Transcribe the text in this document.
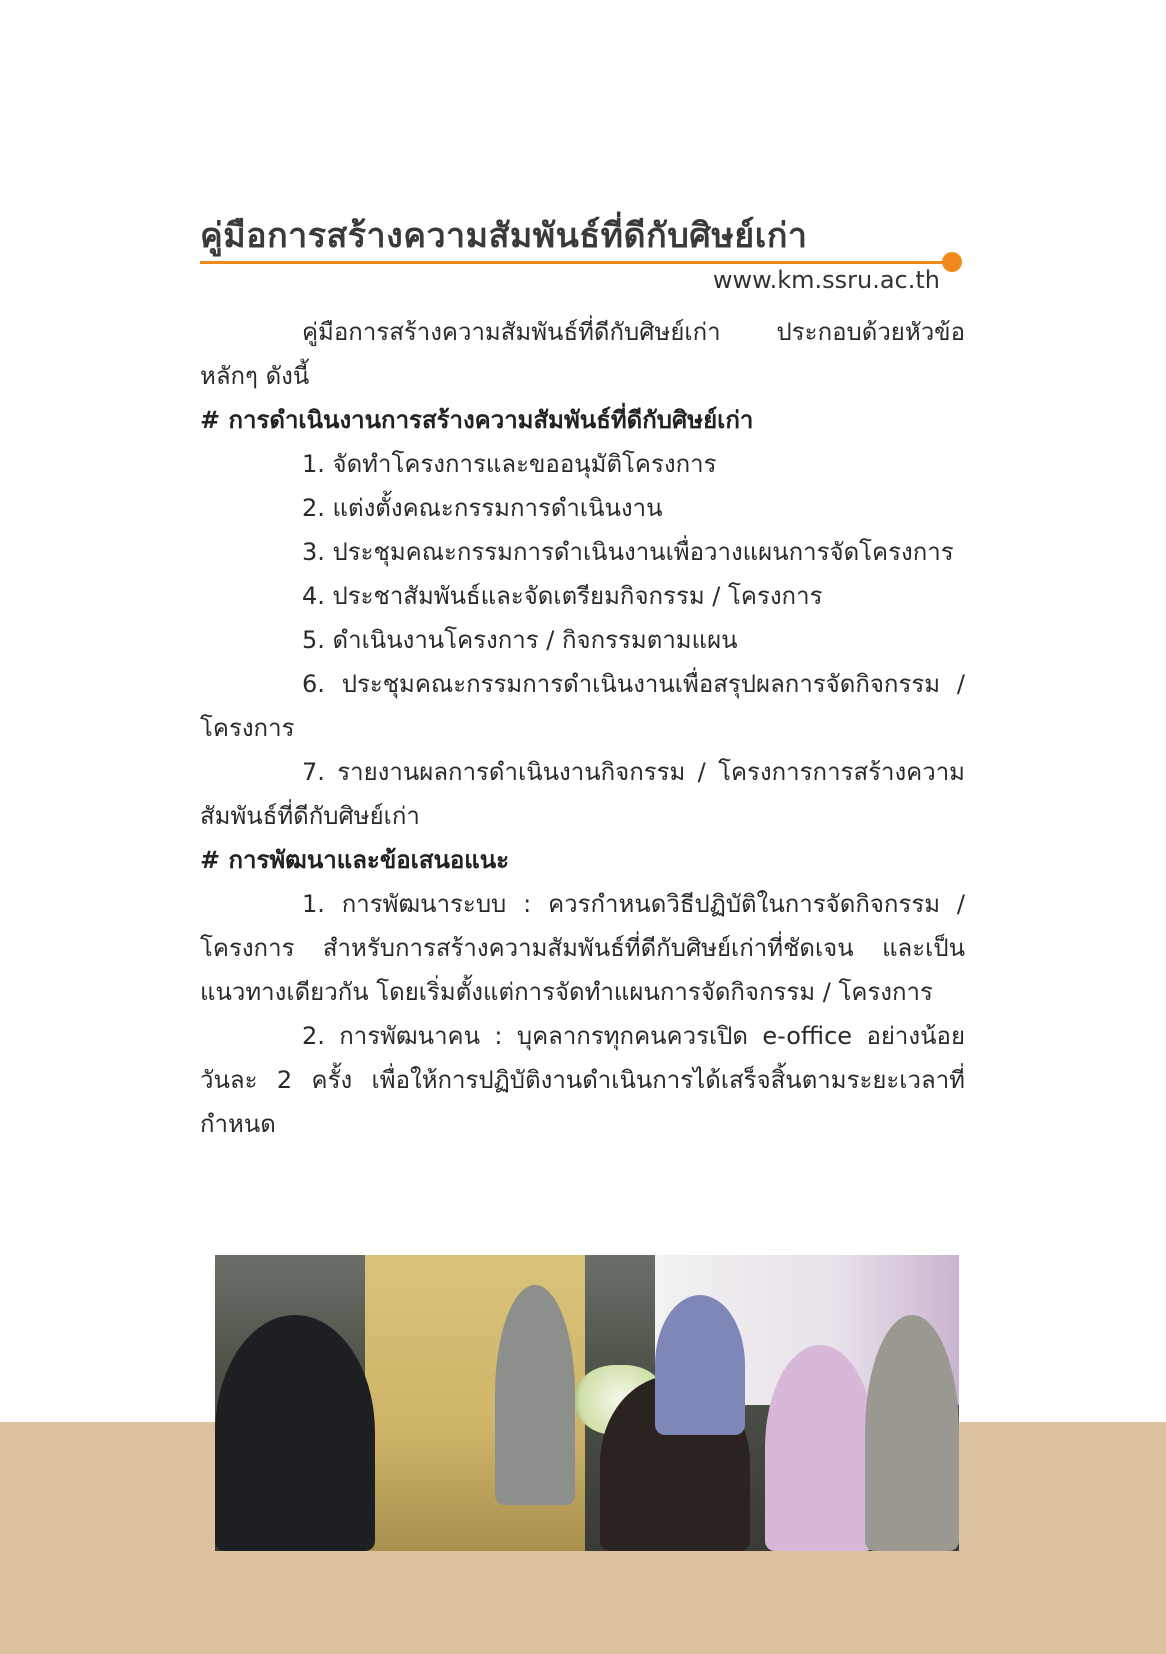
คู่มือการสร้างความสัมพันธ์ที่ดีกับศิษย์เก่า
www.km.ssru.ac.th

คู่มือการสร้างความสัมพันธ์ที่ดีกับศิษย์เก่า ประกอบด้วยหัวข้อหลักๆ ดังนี้

# การดำเนินงานการสร้างความสัมพันธ์ที่ดีกับศิษย์เก่า

1. จัดทำโครงการและขออนุมัติโครงการ

2. แต่งตั้งคณะกรรมการดำเนินงาน

3. ประชุมคณะกรรมการดำเนินงานเพื่อวางแผนการจัดโครงการ

4. ประชาสัมพันธ์และจัดเตรียมกิจกรรม / โครงการ

5. ดำเนินงานโครงการ / กิจกรรมตามแผน

6. ประชุมคณะกรรมการดำเนินงานเพื่อสรุปผลการจัดกิจกรรม / โครงการ

7. รายงานผลการดำเนินงานกิจกรรม / โครงการการสร้างความสัมพันธ์ที่ดีกับศิษย์เก่า

# การพัฒนาและข้อเสนอแนะ

1. การพัฒนาระบบ : ควรกำหนดวิธีปฏิบัติในการจัดกิจกรรม / โครงการ สำหรับการสร้างความสัมพันธ์ที่ดีกับศิษย์เก่าที่ชัดเจน และเป็นแนวทางเดียวกัน โดยเริ่มตั้งแต่การจัดทำแผนการจัดกิจกรรม / โครงการ

2. การพัฒนาคน : บุคลากรทุกคนควรเปิด e-office อย่างน้อย วันละ 2 ครั้ง เพื่อให้การปฏิบัติงานดำเนินการได้เสร็จสิ้นตามระยะเวลาที่กำหนด
